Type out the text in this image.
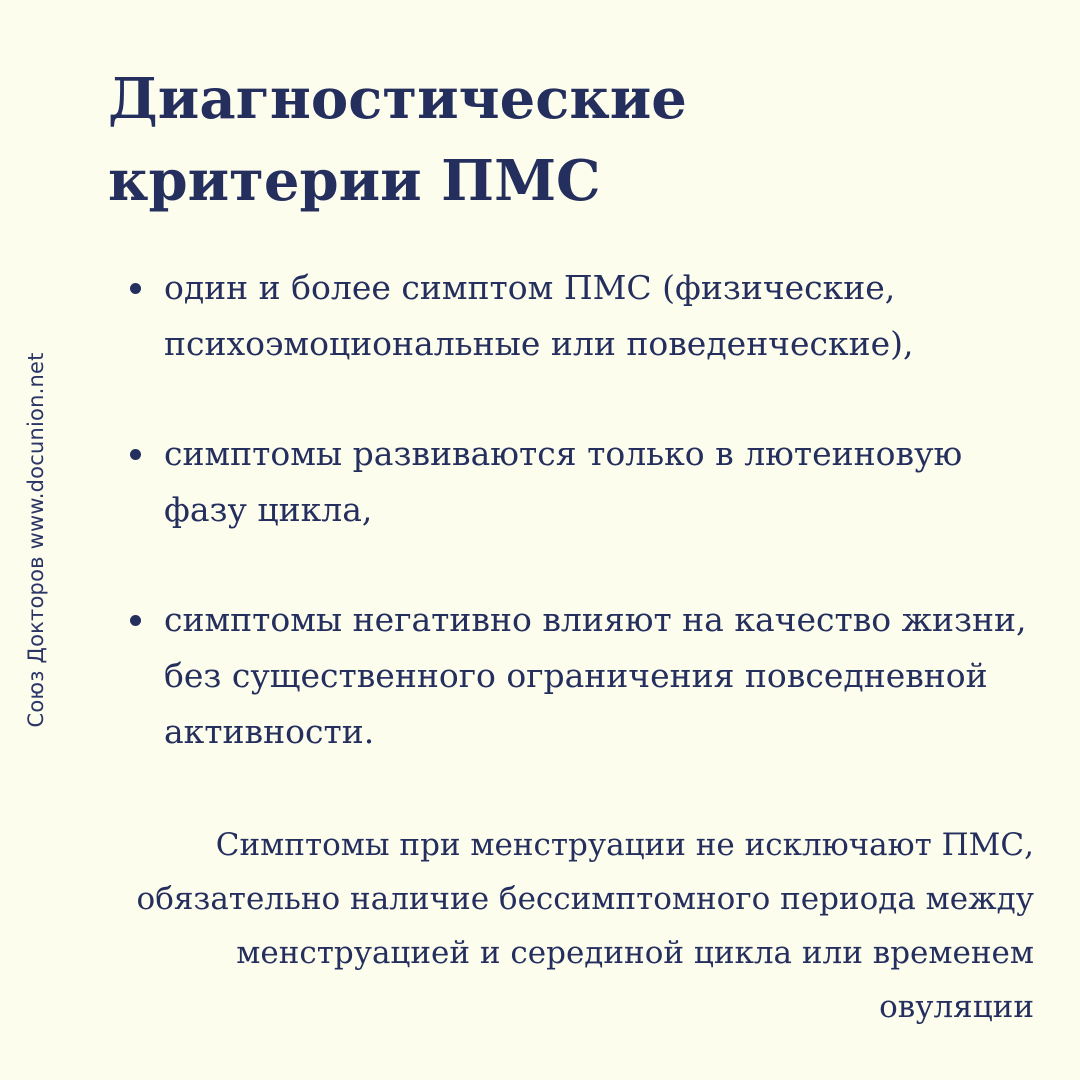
Союз Докторов www.docunion.net
Диагностические критерии ПМС
один и более симптом ПМС (физические, психоэмоциональные или поведенческие),
симптомы развиваются только в лютеиновую фазу цикла,
симптомы негативно влияют на качество жизни, без существенного ограничения повседневной активности.

Симптомы при менструации не исключают ПМС, обязательно наличие бессимптомного периода между менструацией и серединой цикла или временем овуляции
